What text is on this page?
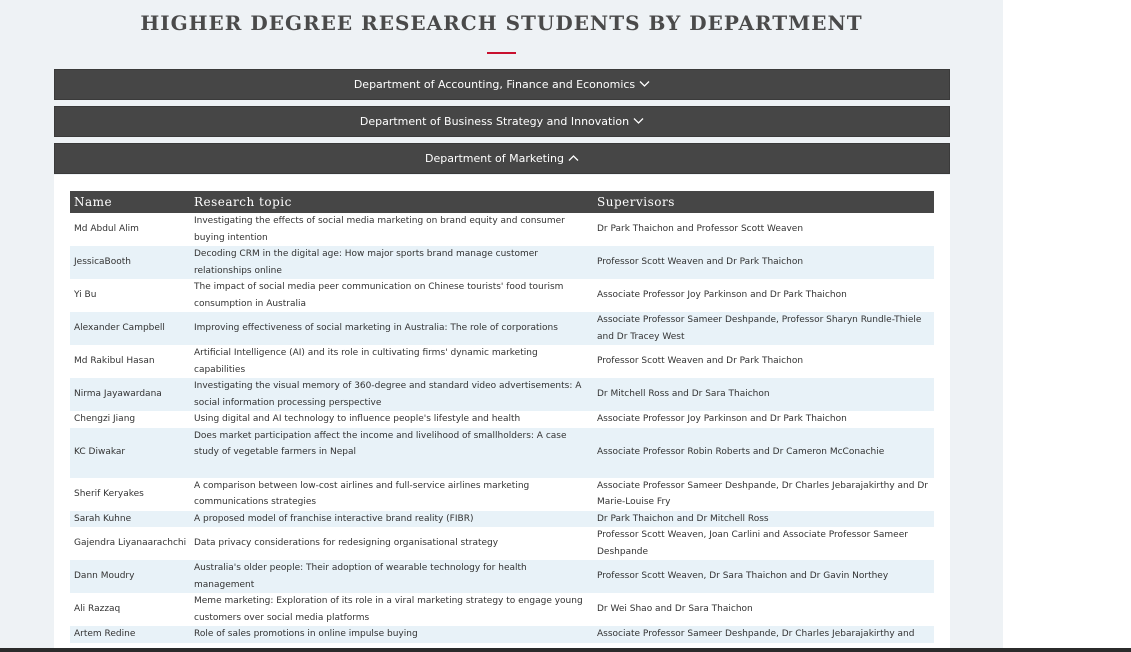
HIGHER DEGREE RESEARCH STUDENTS BY DEPARTMENT
Department of Accounting, Finance and Economics
Department of Business Strategy and Innovation
Department of Marketing
Name	Research topic	Supervisors
Md Abdul Alim	Investigating the effects of social media marketing on brand equity and consumer buying intention	Dr Park Thaichon and Professor Scott Weaven
JessicaBooth	Decoding CRM in the digital age: How major sports brand manage customer relationships online	Professor Scott Weaven and Dr Park Thaichon
Yi Bu	The impact of social media peer communication on Chinese tourists' food tourism consumption in Australia	Associate Professor Joy Parkinson and Dr Park Thaichon
Alexander Campbell	Improving effectiveness of social marketing in Australia: The role of corporations	Associate Professor Sameer Deshpande, Professor Sharyn Rundle-Thiele and Dr Tracey West
Md Rakibul Hasan	Artificial Intelligence (AI) and its role in cultivating firms' dynamic marketing capabilities	Professor Scott Weaven and Dr Park Thaichon
Nirma Jayawardana	Investigating the visual memory of 360-degree and standard video advertisements: A social information processing perspective	Dr Mitchell Ross and Dr Sara Thaichon
Chengzi Jiang	Using digital and AI technology to influence people's lifestyle and health	Associate Professor Joy Parkinson and Dr Park Thaichon
KC Diwakar	Does market participation affect the income and livelihood of smallholders: A case study of vegetable farmers in Nepal	Associate Professor Robin Roberts and Dr Cameron McConachie
Sherif Keryakes	A comparison between low-cost airlines and full-service airlines marketing communications strategies	Associate Professor Sameer Deshpande, Dr Charles Jebarajakirthy and Dr Marie-Louise Fry
Sarah Kuhne	A proposed model of franchise interactive brand reality (FIBR)	Dr Park Thaichon and Dr Mitchell Ross
Gajendra Liyanaarachchi	Data privacy considerations for redesigning organisational strategy	Professor Scott Weaven, Joan Carlini and Associate Professor Sameer Deshpande
Dann Moudry	Australia's older people: Their adoption of wearable technology for health management	Professor Scott Weaven, Dr Sara Thaichon and Dr Gavin Northey
Ali Razzaq	Meme marketing: Exploration of its role in a viral marketing strategy to engage young customers over social media platforms	Dr Wei Shao and Dr Sara Thaichon
Artem Redine	Role of sales promotions in online impulse buying	Associate Professor Sameer Deshpande, Dr Charles Jebarajakirthy and
